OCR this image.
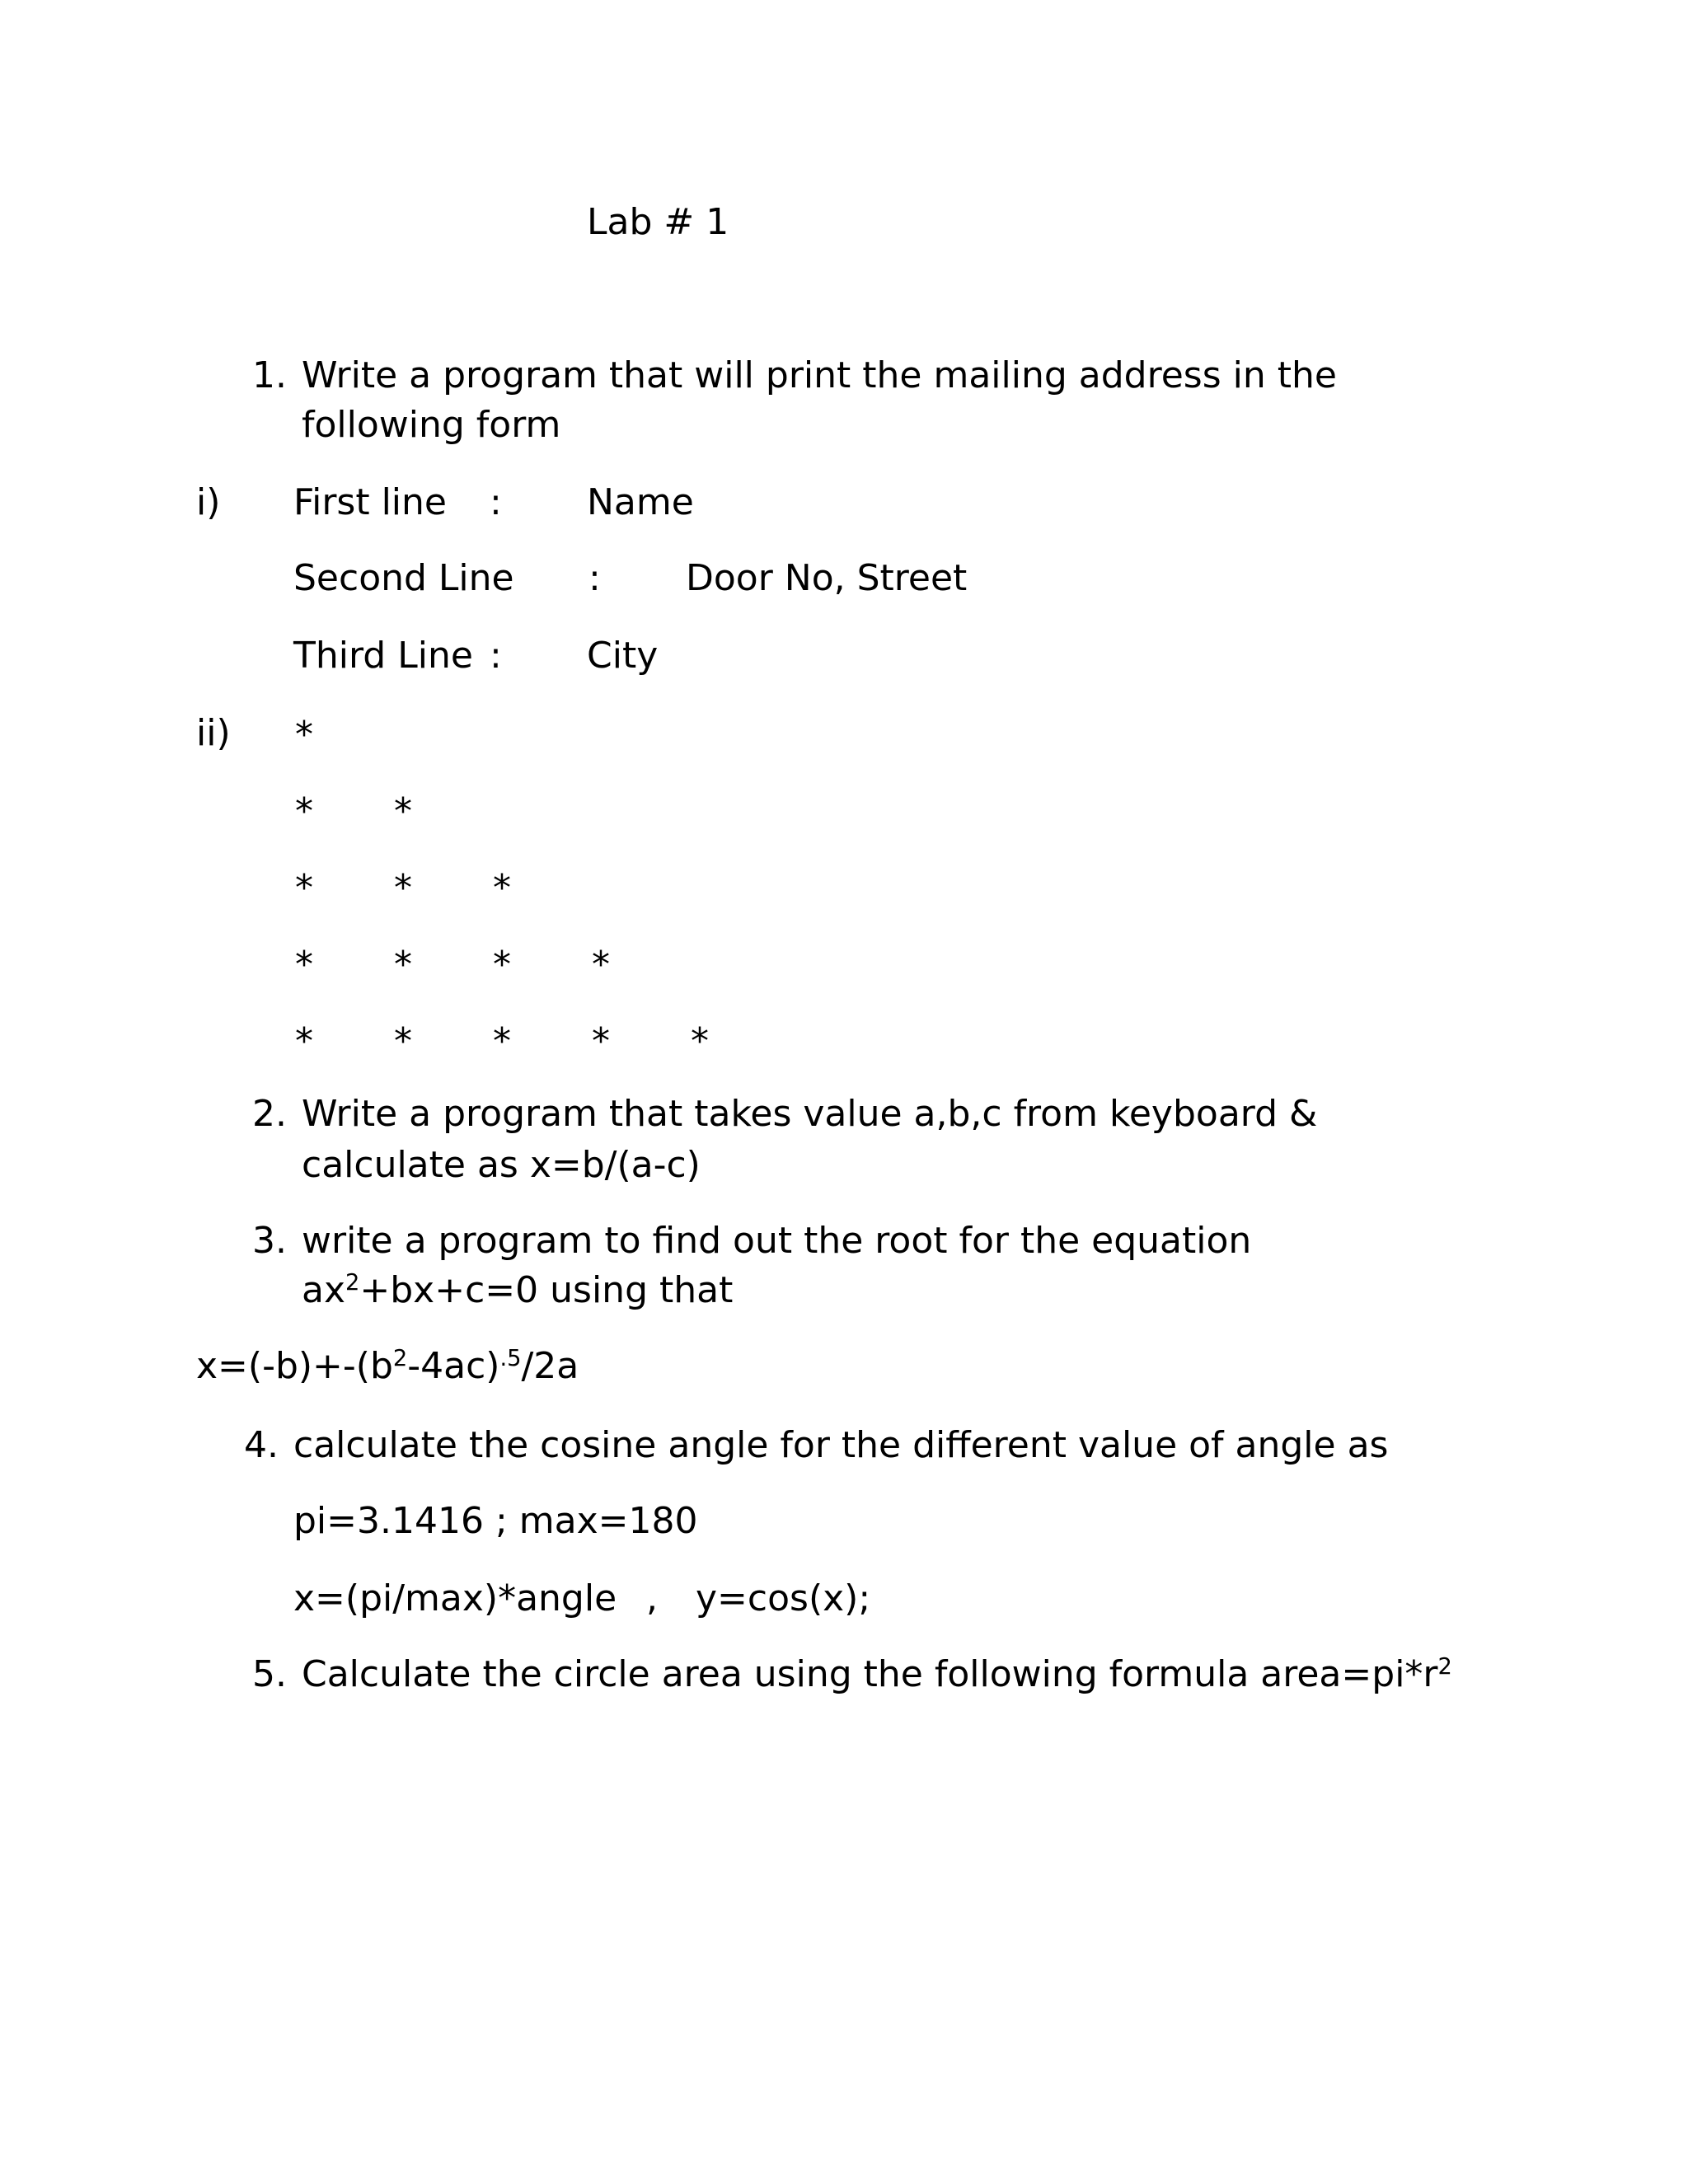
Lab # 1
1. Write a program that will print the mailing address in the
following form
i) First line : Name
Second Line : Door No, Street
Third Line : City
ii) *
* *
* * *
* * * *
* * * * *
2. Write a program that takes value a,b,c from keyboard &
calculate as x=b/(a-c)
3. write a program to find out the root for the equation
$ax^2+bx+c=0$ using that
$x=(-b)+-(b^2-4ac)^{.5}/2a$
4. calculate the cosine angle for the different value of angle as
pi=3.1416 ; max=180
x=(pi/max)*angle , y=cos(x);
5. Calculate the circle area using the following formula $area=pi*r^2$
